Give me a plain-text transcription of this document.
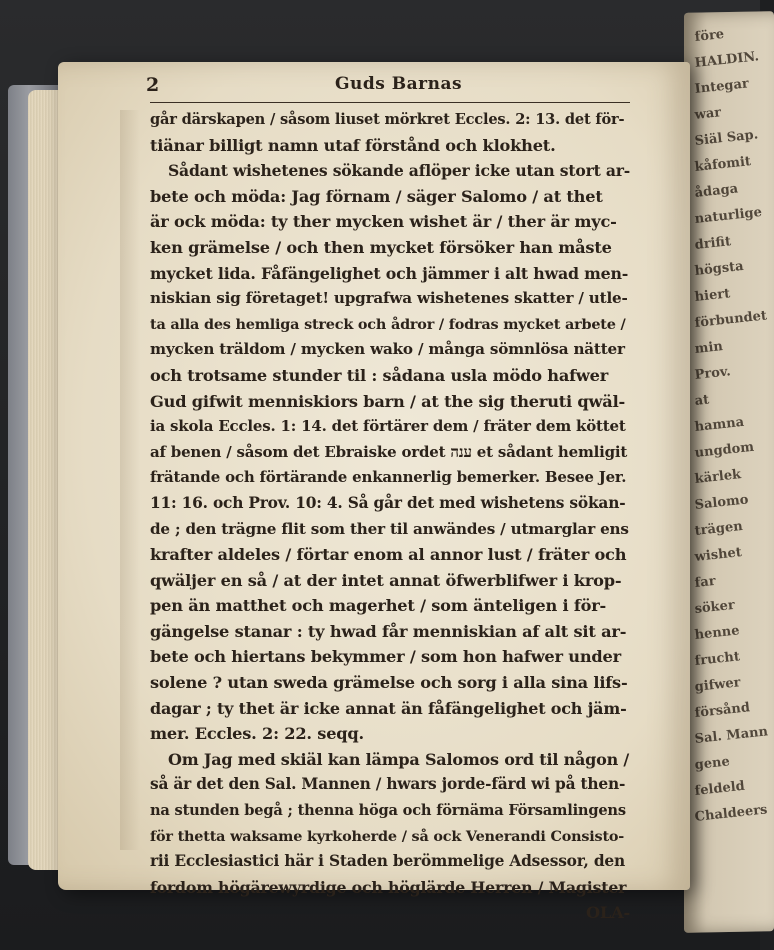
före
HALDIN.
Integar
war
Siäl Sap.
kåfomit
ådaga
naturlige
drifit
högsta
hiert
förbundet
min
Prov.
at
hamna
ungdom
kärlek
Salomo
trägen
wishet
far
söker
henne
frucht
gifwer
försånd
Sal. Mann
gene
feldeld
Chaldeers
2	Guds Barnas
går därskapen / såsom liuset mörkret Eccles. 2: 13. det för-
tiänar billigt namn utaf förstånd och klokhet.
Sådant wishetenes sökande aflöper icke utan stort ar-
bete och möda: Jag förnam / säger Salomo / at thet
är ock möda: ty ther mycken wishet är / ther är myc-
ken grämelse / och then mycket försöker han måste
mycket lida. Fåfängelighet och jämmer i alt hwad men-
niskian sig företaget! upgrafwa wishetenes skatter / utle-
ta alla des hemliga streck och ådror / fodras mycket arbete /
mycken träldom / mycken wako / många sömnlösa nätter
och trotsame stunder til : sådana usla mödo hafwer
Gud gifwit menniskiors barn / at the sig theruti qwäl-
ia skola Eccles. 1: 14. det förtärer dem / fräter dem köttet
af benen / såsom det Ebraiske ordet ענה et sådant hemligit
frätande och förtärande enkannerlig bemerker. Besee Jer.
11: 16. och Prov. 10: 4. Så går det med wishetens sökan-
de ; den trägne flit som ther til anwändes / utmarglar ens
krafter aldeles / förtar enom al annor lust / fräter och
qwäljer en så / at der intet annat öfwerblifwer i krop-
pen än matthet och magerhet / som änteligen i för-
gängelse stanar : ty hwad får menniskian af alt sit ar-
bete och hiertans bekymmer / som hon hafwer under
solene ? utan sweda grämelse och sorg i alla sina lifs-
dagar ; ty thet är icke annat än fåfängelighet och jäm-
mer. Eccles. 2: 22. seqq.
Om Jag med skiäl kan lämpa Salomos ord til någon /
så är det den Sal. Mannen / hwars jorde-färd wi på then-
na stunden begå ; thenna höga och förnäma Församlingens
för thetta waksame kyrkoherde / så ock Venerandi Consisto-
rii Ecclesiastici här i Staden berömmelige Adsessor, den
fordom högärewyrdige och höglärde Herren / Magister
OLA-
